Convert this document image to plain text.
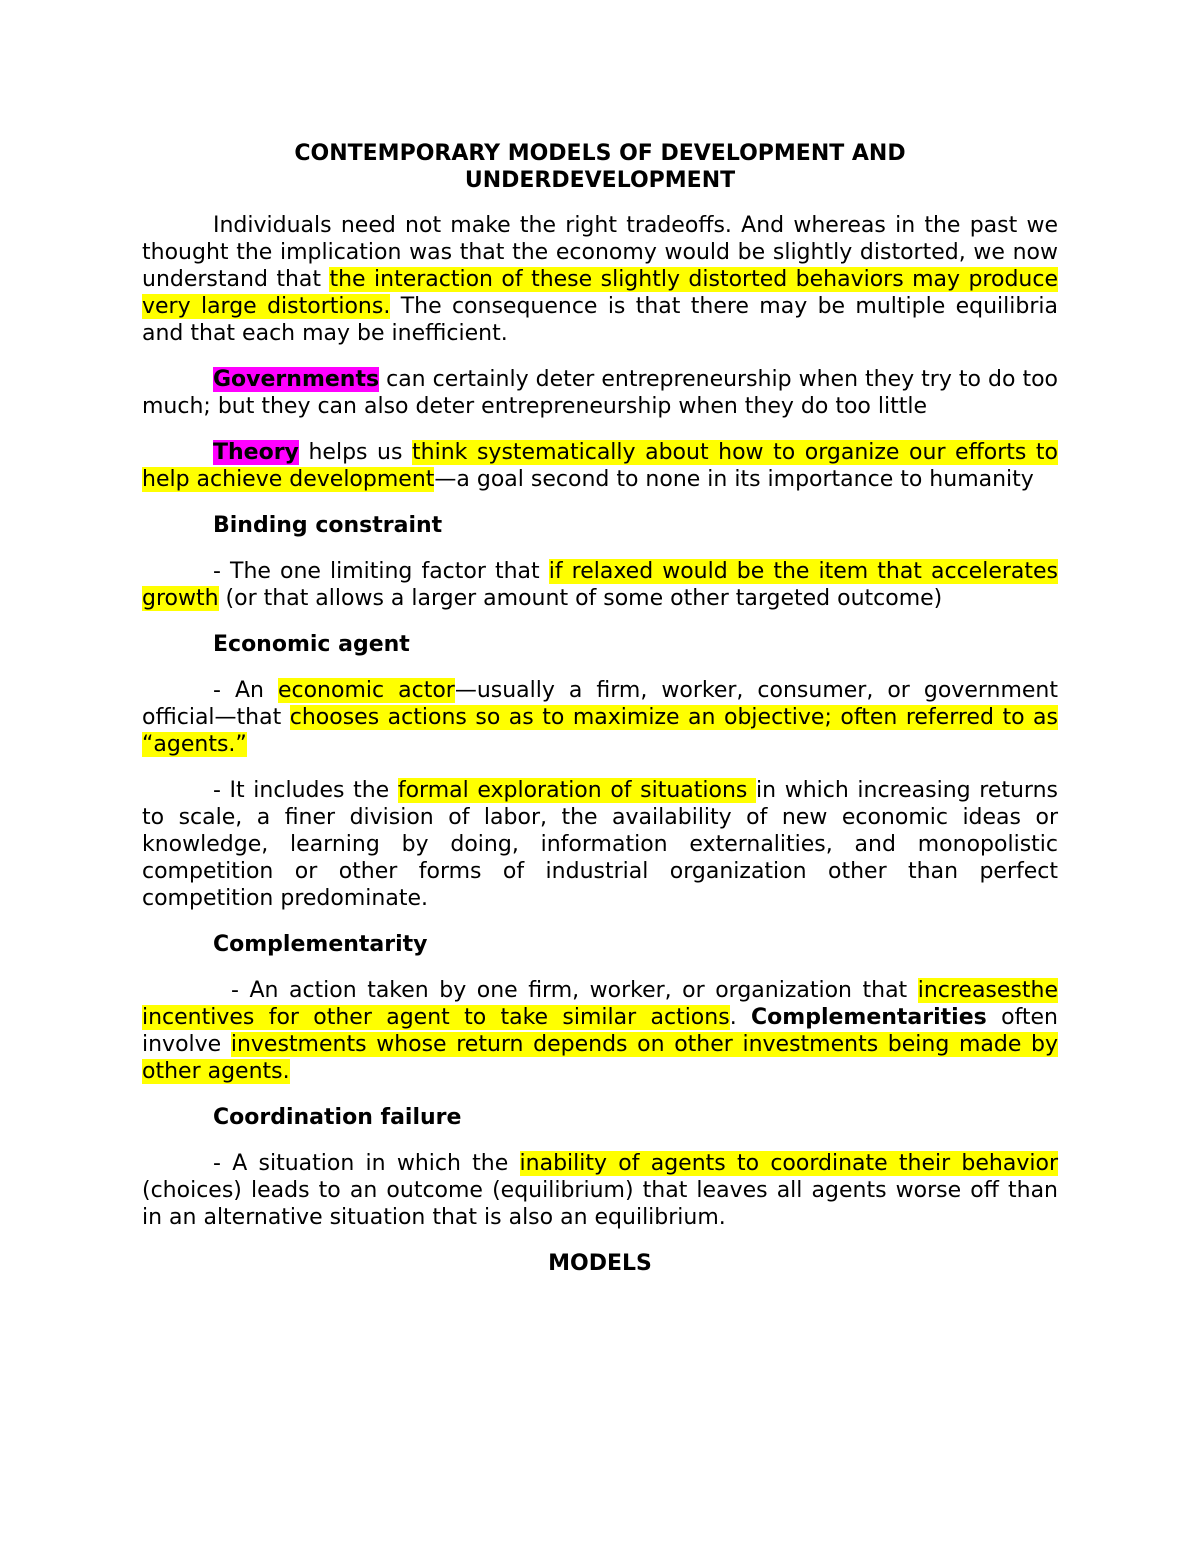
CONTEMPORARY MODELS OF DEVELOPMENT AND
UNDERDEVELOPMENT

Individuals need not make the right tradeoffs. And whereas in the past we thought the implication was that the economy would be slightly distorted, we now understand that the interaction of these slightly distorted behaviors may produce very large distortions. The consequence is that there may be multiple equilibria and that each may be inefficient.

Governments can certainly deter entrepreneurship when they try to do too much; but they can also deter entrepreneurship when they do too little

Theory helps us think systematically about how to organize our efforts to help achieve development—a goal second to none in its importance to humanity

Binding constraint

- The one limiting factor that if relaxed would be the item that accelerates growth (or that allows a larger amount of some other targeted outcome)

Economic agent

- An economic actor—usually a firm, worker, consumer, or government official—that chooses actions so as to maximize an objective; often referred to as “agents.”

- It includes the formal exploration of situations in which increasing returns to scale, a finer division of labor, the availability of new economic ideas or knowledge, learning by doing, information externalities, and monopolistic competition or other forms of industrial organization other than perfect competition predominate.

Complementarity

- An action taken by one firm, worker, or organization that increasesthe incentives for other agent to take similar actions. Complementarities often involve investments whose return depends on other investments being made by other agents.

Coordination failure

- A situation in which the inability of agents to coordinate their behavior (choices) leads to an outcome (equilibrium) that leaves all agents worse off than in an alternative situation that is also an equilibrium.

MODELS
